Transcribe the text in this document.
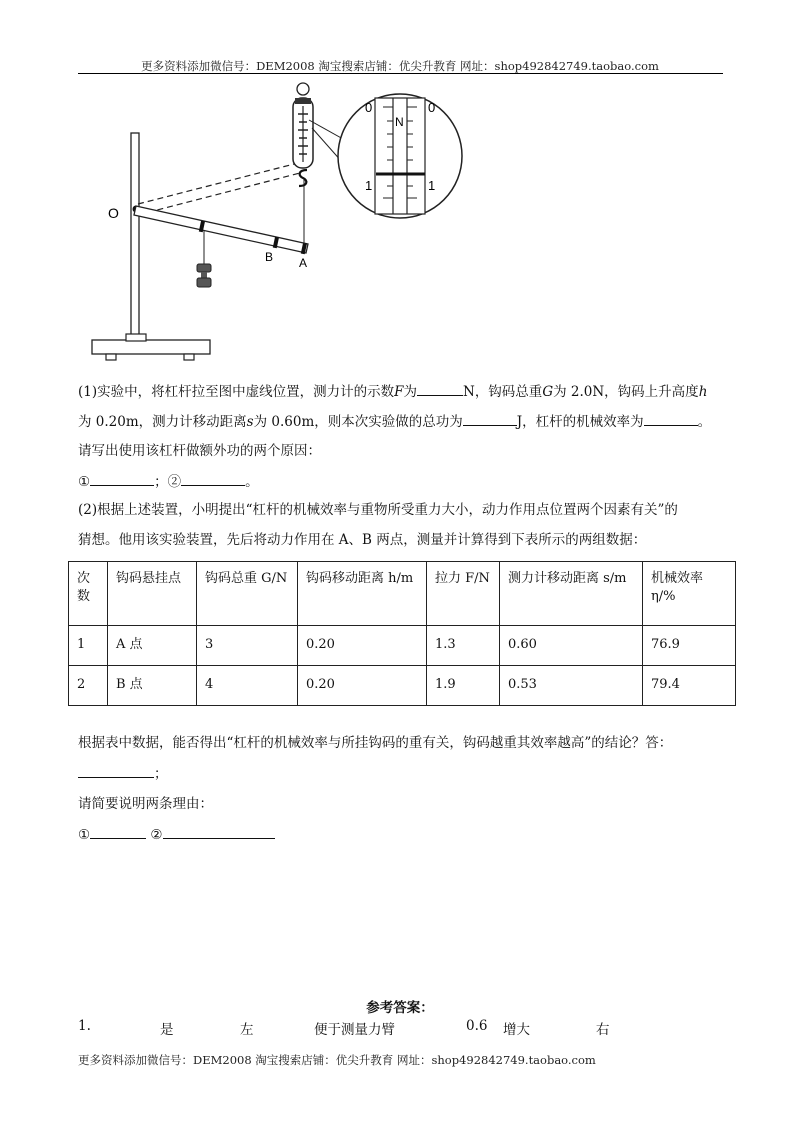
更多资料添加微信号：DEM2008 淘宝搜索店铺：优尖升教育 网址：shop492842749.taobao.com
O
B A
0	0
N
1	1
(1)实验中，将杠杆拉至图中虚线位置，测力计的示数F为	N，钩码总重G为 2.0N，钩码上升高度h
为 0.20m，测力计移动距离s为 0.60m，则本次实验做的总功为	J，杠杆的机械效率为	。
请写出使用该杠杆做额外功的两个原因：
①	；②	。
(2)根据上述装置，小明提出“杠杆的机械效率与重物所受重力大小，动力作用点位置两个因素有关”的
猜想。他用该实验装置，先后将动力作用在 A、B 两点，测量并计算得到下表所示的两组数据：
次数	钩码悬挂点	钩码总重 G/N	钩码移动距离 h/m	拉力 F/N	测力计移动距离 s/m	机械效率 η/%
1	A 点	3	0.20	1.3	0.60	76.9
2	B 点	4	0.20	1.9	0.53	79.4
根据表中数据，能否得出“杠杆的机械效率与所挂钩码的重有关，钩码越重其效率越高”的结论？答：
；
请简要说明两条理由：
①	②
参考答案：
1.	是	左	便于测量力臂	0.6 增大	右
更多资料添加微信号：DEM2008 淘宝搜索店铺：优尖升教育 网址：shop492842749.taobao.com
